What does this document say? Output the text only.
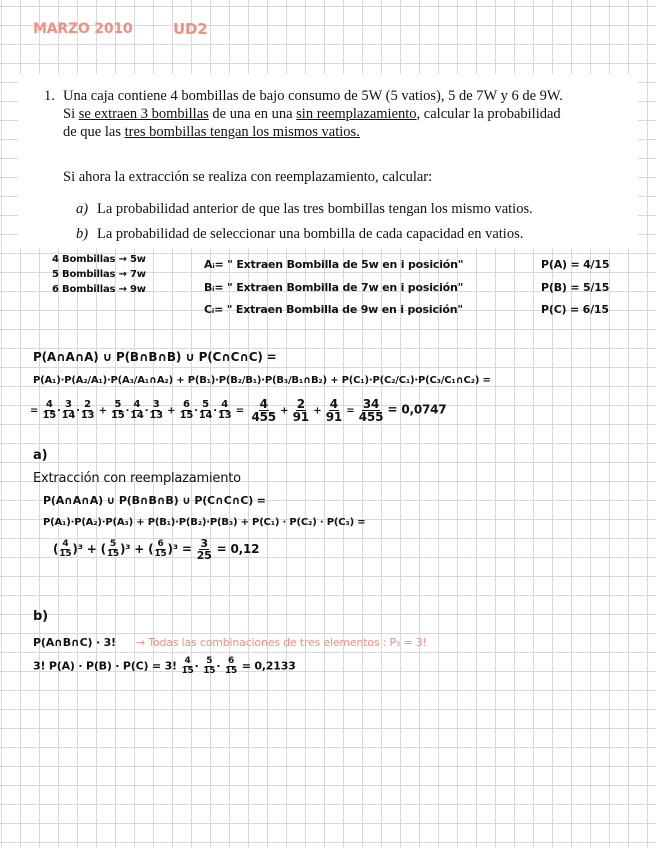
MARZO 2010	UD2
1. Una caja contiene 4 bombillas de bajo consumo de 5W (5 vatios), 5 de 7W y 6 de 9W.
Si se extraen 3 bombillas de una en una sin reemplazamiento, calcular la probabilidad
de que las tres bombillas tengan los mismos vatios.
Si ahora la extracción se realiza con reemplazamiento, calcular:
a) La probabilidad anterior de que las tres bombillas tengan los mismo vatios.
b) La probabilidad de seleccionar una bombilla de cada capacidad en vatios.
4 Bombillas → 5w
5 Bombillas → 7w
6 Bombillas → 9w
Aᵢ= " Extraen Bombilla de 5w en i posición"
Bᵢ= " Extraen Bombilla de 7w en i posición"
Cᵢ= " Extraen Bombilla de 9w en i posición"
P(A) = 4/15
P(B) = 5/15
P(C) = 6/15
P(A∩A∩A) ∪ P(B∩B∩B) ∪ P(C∩C∩C) =
P(A₁)·P(A₂/A₁)·P(A₃/A₁∩A₂) + P(B₁)·P(B₂/B₁)·P(B₃/B₁∩B₂) + P(C₁)·P(C₂/C₁)·P(C₃/C₁∩C₂) =
= $\frac{4}{15} \cdot \frac{3}{14} \cdot \frac{2}{13} + \frac{5}{15} \cdot \frac{4}{14} \cdot \frac{3}{13} + \frac{6}{15} \cdot \frac{5}{14} \cdot \frac{4}{13} = \frac{4}{455} + \frac{2}{91} + \frac{4}{91} = \frac{34}{455} = 0,0747$
a)
Extracción con reemplazamiento
P(A∩A∩A) ∪ P(B∩B∩B) ∪ P(C∩C∩C) =
P(A₁)·P(A₂)·P(A₃) + P(B₁)·P(B₂)·P(B₃) + P(C₁) · P(C₂) · P(C₃) =
( $\frac{4}{15} )^3$ + ( $\frac{5}{15} )^3$ + ( $\frac{6}{15} )^3 = \frac{3}{25} = 0,12$
b)
P(A∩B∩C) · 3! → Todas las combinaciones de tres elementos : P₃ = 3!
3! P(A) · P(B) · P(C) = 3! $\frac{4}{15} \cdot \frac{5}{15} \cdot \frac{6}{15} = 0,2133$
